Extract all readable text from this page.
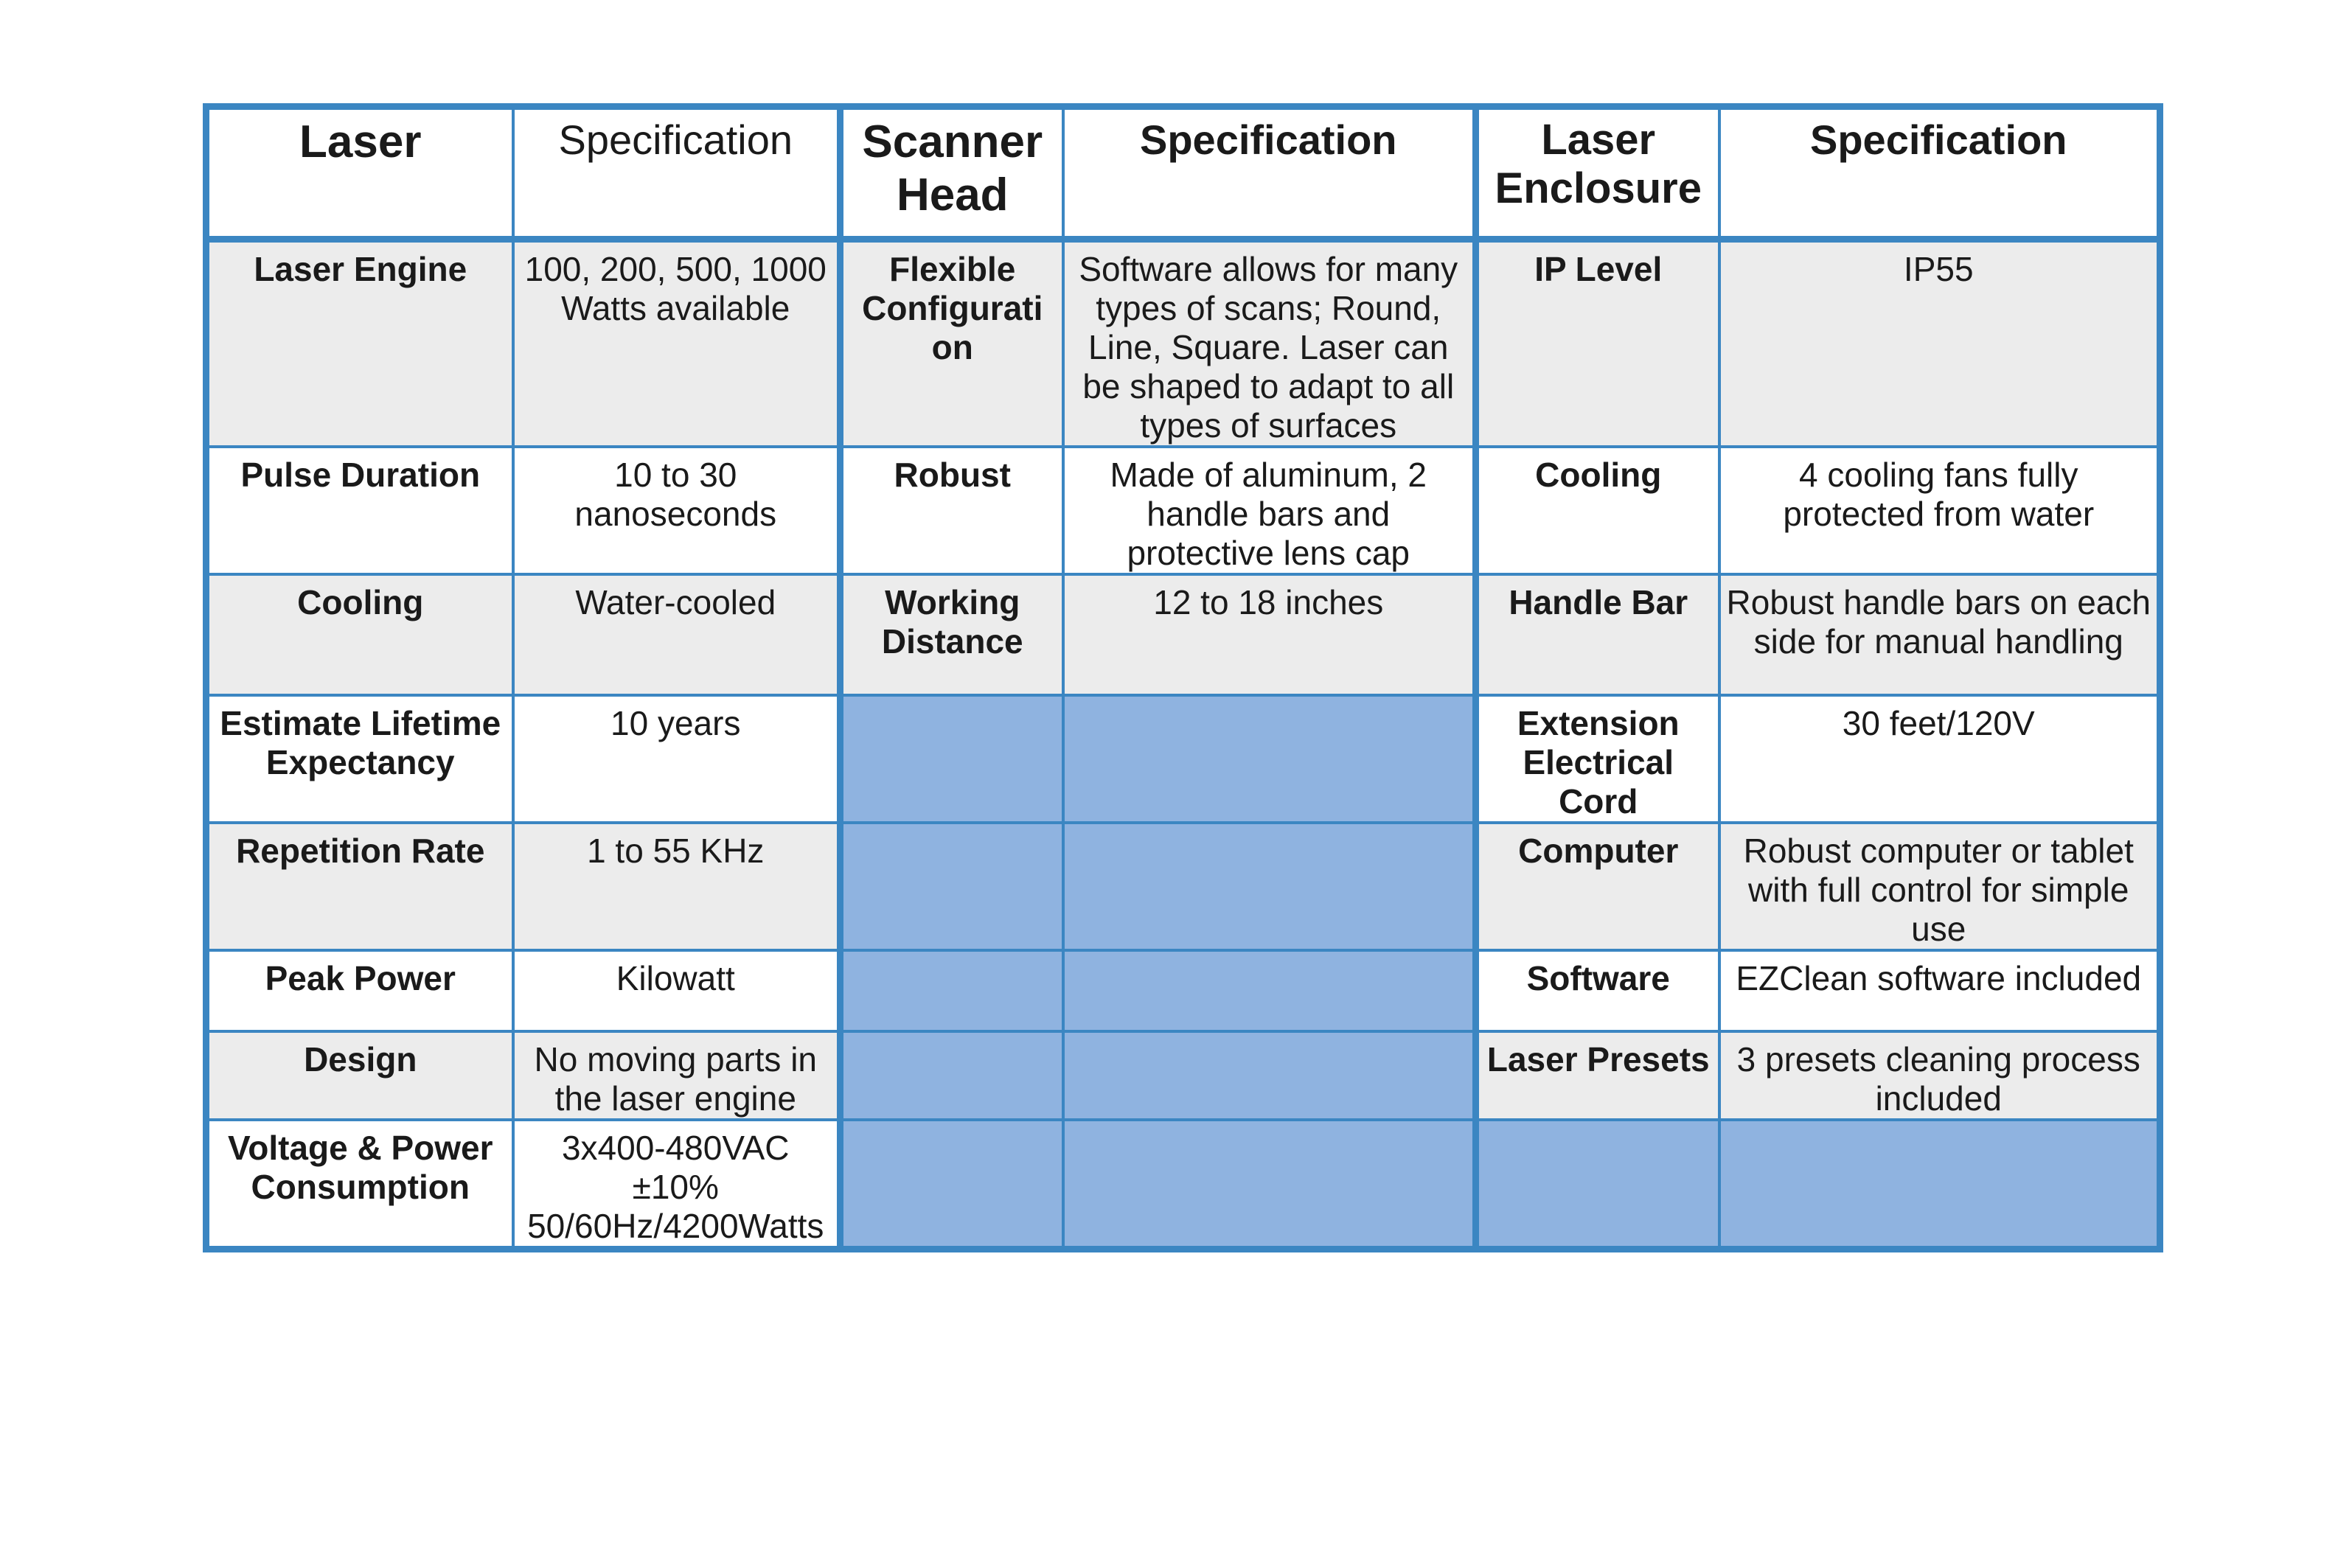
Laser	Specification	Scanner Head	Specification	Laser Enclosure	Specification
Laser Engine	100, 200, 500, 1000 Watts available	Flexible Configurati on	Software allows for many types of scans; Round, Line, Square. Laser can be shaped to adapt to all types of surfaces	IP Level	IP55
Pulse Duration	10 to 30 nanoseconds	Robust	Made of aluminum, 2 handle bars and protective lens cap	Cooling	4 cooling fans fully protected from water
Cooling	Water-cooled	Working Distance	12 to 18 inches	Handle Bar	Robust handle bars on each side for manual handling
Estimate Lifetime Expectancy	10 years			Extension Electrical Cord	30 feet/120V
Repetition Rate	1 to 55 KHz			Computer	Robust computer or tablet with full control for simple use
Peak Power	Kilowatt			Software	EZClean software included
Design	No moving parts in the laser engine			Laser Presets	3 presets cleaning process included
Voltage & Power Consumption	3x400-480VAC ±10% 50/60Hz/4200Watts				
